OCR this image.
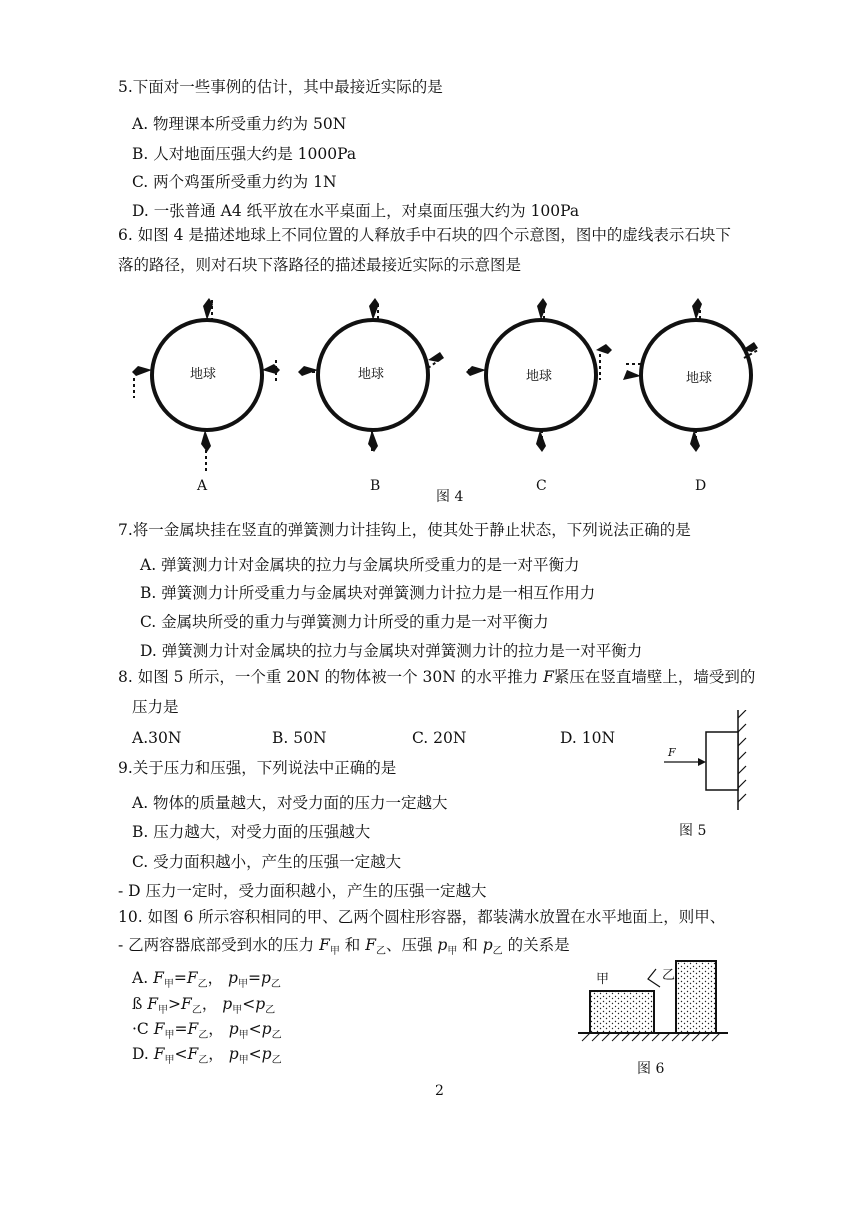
5.下面对一些事例的估计，其中最接近实际的是
A. 物理课本所受重力约为 50N
B. 人对地面压强大约是 1000Pa
C. 两个鸡蛋所受重力约为 1N
D. 一张普通 A4 纸平放在水平桌面上，对桌面压强大约为 100Pa
6. 如图 4 是描述地球上不同位置的人释放手中石块的四个示意图，图中的虚线表示石块下
落的路径，则对石块下落路径的描述最接近实际的示意图是
地球	地球	地球	地球
A	B	C	D
图 4
7.将一金属块挂在竖直的弹簧测力计挂钩上，使其处于静止状态，下列说法正确的是
A. 弹簧测力计对金属块的拉力与金属块所受重力的是一对平衡力
B. 弹簧测力计所受重力与金属块对弹簧测力计拉力是一相互作用力
C. 金属块所受的重力与弹簧测力计所受的重力是一对平衡力
D. 弹簧测力计对金属块的拉力与金属块对弹簧测力计的拉力是一对平衡力
8. 如图 5 所示，一个重 20N 的物体被一个 30N 的水平推力 F紧压在竖直墙壁上，墙受到的
压力是
A.30N	B. 50N	C. 20N	D. 10N
F
图 5
9.关于压力和压强，下列说法中正确的是
A. 物体的质量越大，对受力面的压力一定越大
B. 压力越大，对受力面的压强越大
C. 受力面积越小，产生的压强一定越大
- D 压力一定时，受力面积越小，产生的压强一定越大
10. 如图 6 所示容积相同的甲、乙两个圆柱形容器，都装满水放置在水平地面上，则甲、
- 乙两容器底部受到水的压力 $F_甲$ 和 $F_乙$、压强 $p_甲$ 和 $p_乙$ 的关系是
A. $F_甲=F_乙$， $p_甲=p_乙$
ß $F_甲>F_乙$， $p_甲<p_乙$
·C $F_甲=F_乙$， $p_甲<p_乙$
D. $F_甲<F_乙$， $p_甲<p_乙$
甲	乙
图 6
2
